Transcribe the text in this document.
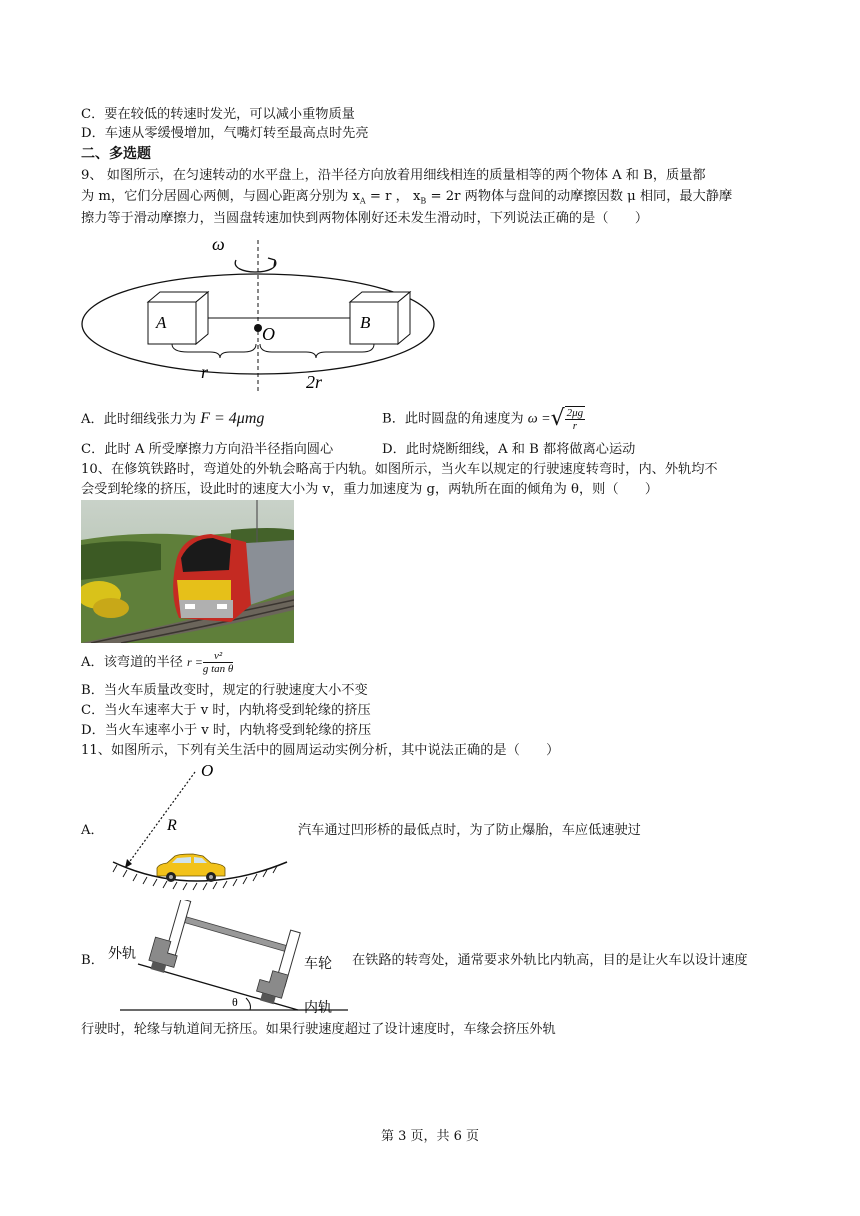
C．要在较低的转速时发光，可以减小重物质量
D．车速从零缓慢增加，气嘴灯转至最高点时先亮
二、多选题
9、 如图所示，在匀速转动的水平盘上，沿半径方向放着用细线相连的质量相等的两个物体 A 和 B，质量都
为 m，它们分居圆心两侧，与圆心距离分别为 $x_A = r$ ， $x_B = 2r$ 两物体与盘间的动摩擦因数 μ 相同，最大静摩
擦力等于滑动摩擦力，当圆盘转速加快到两物体刚好还未发生滑动时，下列说法正确的是（　　）
ω
A	B
O
r	2r
A．此时细线张力为 F = 4μmg	B．此时圆盘的角速度为 ω =√ $\frac{2\mu g}{r}$
C．此时 A 所受摩擦力方向沿半径指向圆心	D．此时烧断细线，A 和 B 都将做离心运动
10、在修筑铁路时，弯道处的外轨会略高于内轨。如图所示，当火车以规定的行驶速度转弯时，内、外轨均不
会受到轮缘的挤压，设此时的速度大小为 v，重力加速度为 g，两轨所在面的倾角为 θ，则（　　）
A．该弯道的半径 $r = \frac{\text{v²}}{\text{g tan θ}}$
B．当火车质量改变时，规定的行驶速度大小不变
C．当火车速率大于 v 时，内轨将受到轮缘的挤压
D．当火车速率小于 v 时，内轨将受到轮缘的挤压
11、如图所示，下列有关生活中的圆周运动实例分析，其中说法正确的是（　　）
A．
O
R	汽车通过凹形桥的最低点时，为了防止爆胎，车应低速驶过
B．
θ
外轨
车轮
内轨
在铁路的转弯处，通常要求外轨比内轨高，目的是让火车以设计速度
行驶时，轮缘与轨道间无挤压。如果行驶速度超过了设计速度时，车缘会挤压外轨
第 3 页，共 6 页
